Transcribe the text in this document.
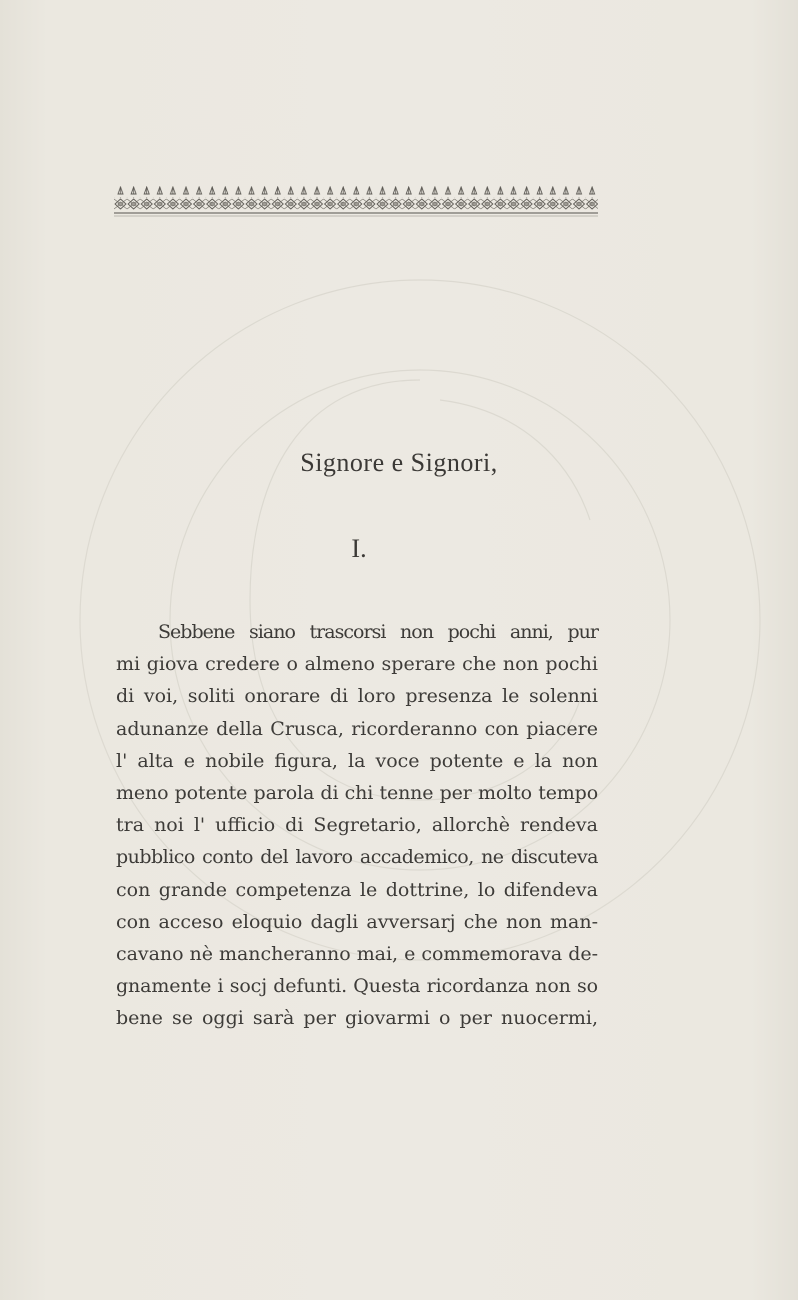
Signore e Signori,
I.
Sebbene siano trascorsi non pochi anni, pur
mi giova credere o almeno sperare che non pochi
di voi, soliti onorare di loro presenza le solenni
adunanze della Crusca, ricorderanno con piacere
l' alta e nobile figura, la voce potente e la non
meno potente parola di chi tenne per molto tempo
tra noi l' ufficio di Segretario, allorchè rendeva
pubblico conto del lavoro accademico, ne discuteva
con grande competenza le dottrine, lo difendeva
con acceso eloquio dagli avversarj che non man-
cavano nè mancheranno mai, e commemorava de-
gnamente i socj defunti. Questa ricordanza non so
bene se oggi sarà per giovarmi o per nuocermi,
